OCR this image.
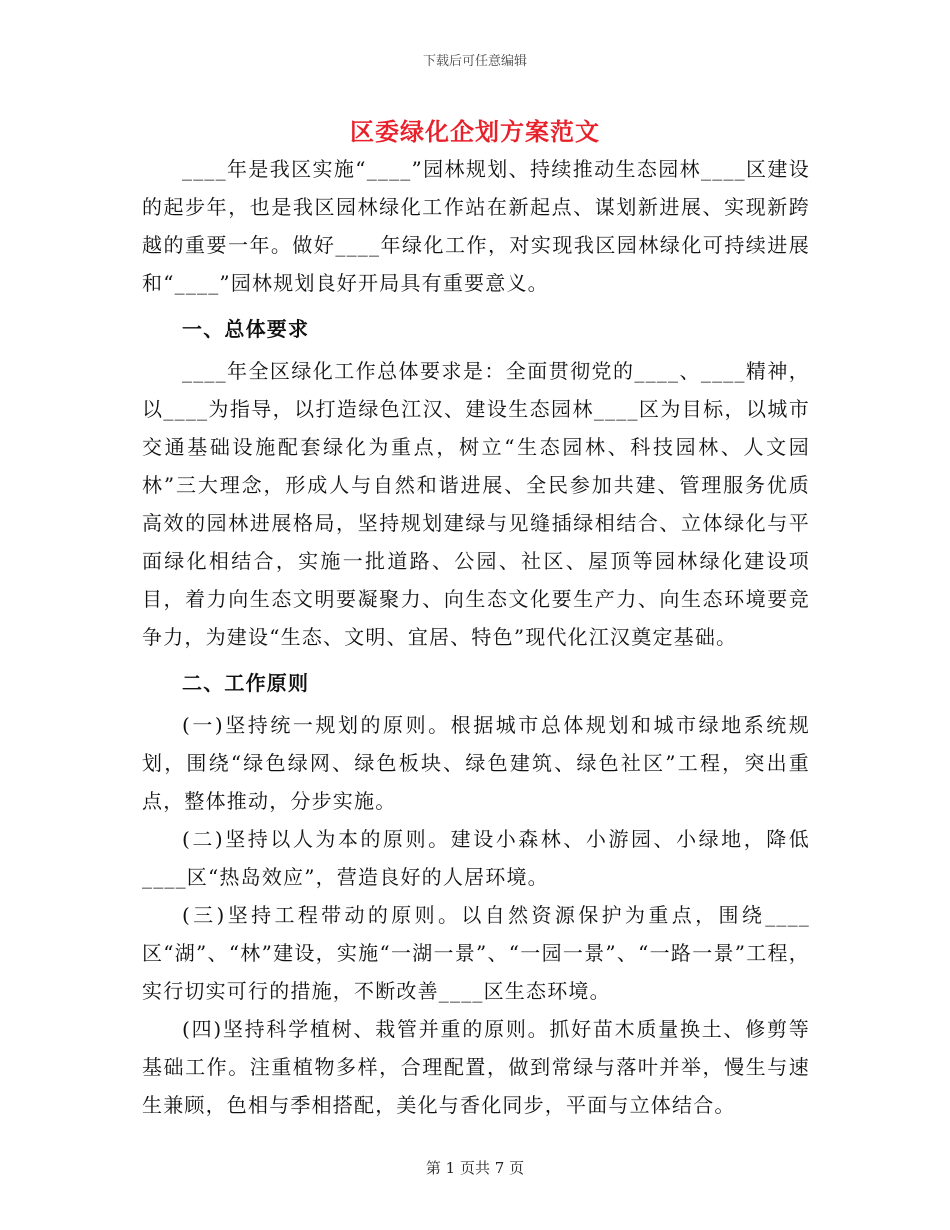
下载后可任意编辑
区委绿化企划方案范文

____年是我区实施“____”园林规划、持续推动生态园林____区建设的起步年，也是我区园林绿化工作站在新起点、谋划新进展、实现新跨越的重要一年。做好____年绿化工作，对实现我区园林绿化可持续进展和“____”园林规划良好开局具有重要意义。

一、总体要求

____年全区绿化工作总体要求是：全面贯彻党的____、____精神，以____为指导，以打造绿色江汉、建设生态园林____区为目标，以城市交通基础设施配套绿化为重点，树立“生态园林、科技园林、人文园林”三大理念，形成人与自然和谐进展、全民参加共建、管理服务优质高效的园林进展格局，坚持规划建绿与见缝插绿相结合、立体绿化与平面绿化相结合，实施一批道路、公园、社区、屋顶等园林绿化建设项目，着力向生态文明要凝聚力、向生态文化要生产力、向生态环境要竞争力，为建设“生态、文明、宜居、特色”现代化江汉奠定基础。

二、工作原则

(一)坚持统一规划的原则。根据城市总体规划和城市绿地系统规划，围绕“绿色绿网、绿色板块、绿色建筑、绿色社区”工程，突出重点，整体推动，分步实施。

(二)坚持以人为本的原则。建设小森林、小游园、小绿地，降低____区“热岛效应”，营造良好的人居环境。

(三)坚持工程带动的原则。以自然资源保护为重点，围绕____区“湖”、“林”建设，实施“一湖一景”、“一园一景”、“一路一景”工程，实行切实可行的措施，不断改善____区生态环境。

(四)坚持科学植树、栽管并重的原则。抓好苗木质量换土、修剪等基础工作。注重植物多样，合理配置，做到常绿与落叶并举，慢生与速生兼顾，色相与季相搭配，美化与香化同步，平面与立体结合。

第 1 页共 7 页
